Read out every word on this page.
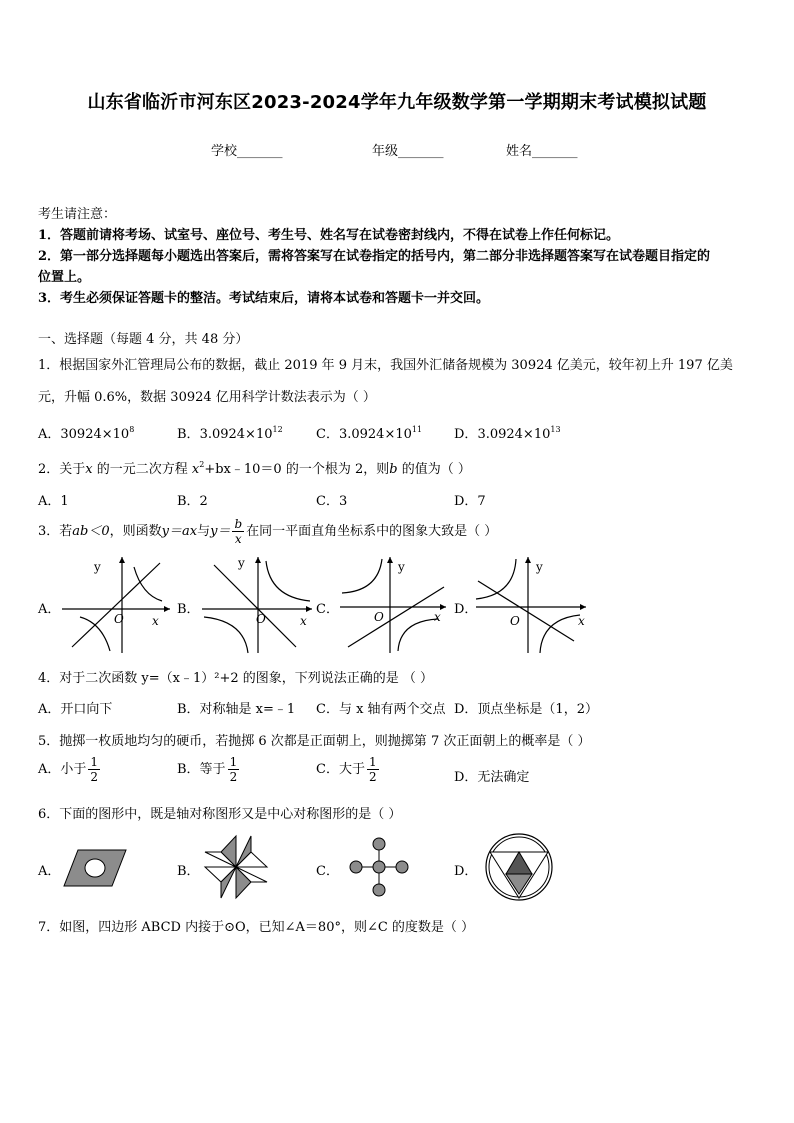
山东省临沂市河东区2023-2024学年九年级数学第一学期期末考试模拟试题
学校_______	年级_______	姓名_______
考生请注意：
1．答题前请将考场、试室号、座位号、考生号、姓名写在试卷密封线内，不得在试卷上作任何标记。
2．第一部分选择题每小题选出答案后，需将答案写在试卷指定的括号内，第二部分非选择题答案写在试卷题目指定的
位置上。
3．考生必须保证答题卡的整洁。考试结束后，请将本试卷和答题卡一并交回。
一、选择题（每题 4 分，共 48 分）
1．根据国家外汇管理局公布的数据，截止 2019 年 9 月末，我国外汇储备规模为 30924 亿美元，较年初上升 197 亿美
元，升幅 0.6%，数据 30924 亿用科学计数法表示为（ ）
A．$30924\times 10^8$	B．$3.0924\times 10^{12}$	C．$3.0924\times 10^{11}$ D．$3.0924\times 10^{13}$
2．关于x 的一元二次方程 $x^2+bx﹣10=0$ 的一个根为 2，则b 的值为（ ）
A．1	B．2	C．3	D．7
3．若ab＜0，则函数y＝ax与$y= \frac{b}{x}$ 在同一平面直角坐标系中的图象大致是（ ）
A．	B．	C．	D．
y
O x
y
O	x
y
O	x
y
O	x
4．对于二次函数 y=（x﹣1）²+2 的图象，下列说法正确的是 （ ）
A．开口向下	B．对称轴是 x=﹣1 C．与 x 轴有两个交点 D．顶点坐标是（1，2）
5．抛掷一枚质地均匀的硬币，若抛掷 6 次都是正面朝上，则抛掷第 7 次正面朝上的概率是（ ）
A．小于 $\frac{1}{2}$	B．等于 $\frac{1}{2}$	C．大于 $\frac{1}{2}$	D．无法确定
6．下面的图形中，既是轴对称图形又是中心对称图形的是（ ）
A．	B．	C．	D．
7．如图，四边形 ABCD 内接于⊙O，已知∠A＝80°，则∠C 的度数是（ ）
